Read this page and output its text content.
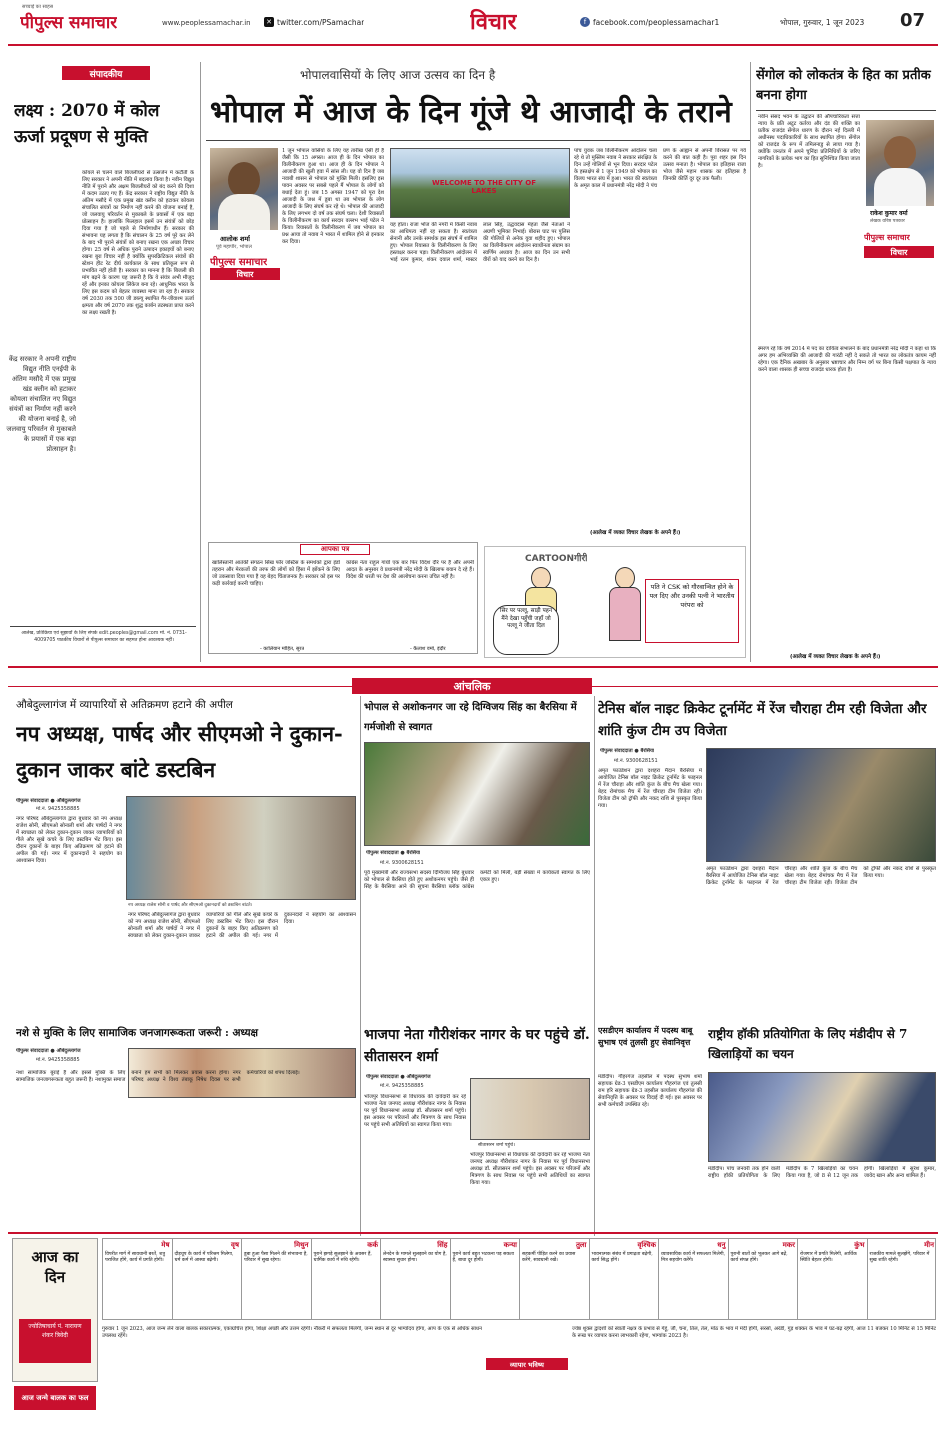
सच्चाई का साहस
पीपुल्स समाचार	www.peoplessamachar.in ✕ twitter.com/PSamachar	विचार	f facebook.com/peoplessamachar1	भोपाल, गुरुवार, 1 जून 2023 07
संपादकीय
लक्ष्य : 2070 में कोल ऊर्जा प्रदूषण से मुक्ति
कोयले से चलने वाले बिजलीघरों से उत्सर्जन में कटौती के लिए सरकार ने अपनी नीति में बदलाव किया है। नवीन विद्युत नीति में पुराने और अक्षम बिजलीघरों को बंद करने की दिशा में कदम उठाए गए हैं। केंद्र सरकार ने राष्ट्रीय विद्युत नीति के अंतिम मसौदे में एक प्रमुख खंड क्लीन को हटाकर कोयला संचालित संयंत्रों का निर्माण नहीं करने की योजना बनाई है, जो जलवायु परिवर्तन से मुकाबले के प्रयासों में एक बड़ा प्रोत्साहन है। हालांकि फिलहाल इसमें उन संयंत्रों को छोड़ दिया गया है जो पहले से निर्माणाधीन हैं। सरकार की संभावना यह लगता है कि संचालन के 25 वर्ष पूरे कर लेने के बाद भी पुराने संयंत्रों को बनाए रखना एक अच्छा विचार होगा। 25 वर्ष से अधिक पुराने उत्पादन इकाइयों को बनाए रखना बुरा विचार नहीं है क्योंकि सुपरक्रिटिकल संयंत्रों की स्टेशन हीट रेट दीर्घ कार्यकाल के साथ प्रतिकूल रूप से प्रभावित नहीं होती है। सरकार का मानना है कि बिजली की मांग बढ़ने के कारण यह जरूरी है कि ये संयंत्र अभी मौजूद रहें और इनका कोयला लिंकेज बना रहे। आधुनिक भारत के लिए इस कदम को बेहतर व्यवस्था माना जा रहा है। सरकार वर्ष 2030 तक 500 जी डब्ल्यू स्थापित गैर-जीवाश्म ऊर्जा क्षमता और वर्ष 2070 तक शुद्ध कार्बन तटस्थता प्राप्त करने का लक्ष्य रखती है।
केंद्र सरकार ने अपनी राष्ट्रीय विद्युत नीति एनईपी के अंतिम मसौदे में एक प्रमुख खंड क्लीन को हटाकर कोयला संचालित नए विद्युत संयंत्रों का निर्माण नहीं करने की योजना बनाई है, जो जलवायु परिवर्तन से मुकाबले के प्रयासों में एक बड़ा प्रोत्साहन है।
आलेख, प्रतिक्रिया एवं सुझावों के लिए संपर्क edit.peoples@gmail.com मो. नं. 0731-4009705 पाठकीय विचारों से पीपुल्स समाचार का सहमत होना आवश्यक नहीं।
भोपालवासियों के लिए आज उत्सव का दिन है
भोपाल में आज के दिन गूंजे थे आजादी के तराने
आलोक शर्मा
पूर्व महापौर, भोपाल
पीपुल्स समाचार
विचार
1 जून भोपाल वासियों के लिए यह तारीख ऐसी ही है जैसी कि 15 अगस्त। आज ही के दिन भोपाल का विलीनीकरण हुआ था। आज ही के दिन भोपाल ने आजादी की खुली हवा में सांस ली। यह वो दिन है जब नवाबी शासन से भोपाल को मुक्ति मिली। इसलिए इस पावन अवसर पर सबसे पहले मैं भोपाल के लोगों को बधाई देता हूं। जब 15 अगस्त 1947 को पूरा देश आजादी के जश्न में डूबा था तब भोपाल के लोग आजादी के लिए संघर्ष कर रहे थे। भोपाल की आजादी के लिए लगभग दो वर्ष तक संघर्ष चला। देशी रियासतों के विलीनीकरण का कार्य सरदार वल्लभ भाई पटेल ने किया। रियासतों के विलीनीकरण में जब भोपाल का प्रश्न आया तो नवाब ने भारत में शामिल होने से इनकार कर दिया।
WELCOME TO THE CITY OF LAKES
यह होता। राजा भोज की नगरी में किसी नवाब का आधिपत्य नहीं रह सकता है। स्वतंत्रता सेनानी और उनके समर्थक इस संघर्ष में शामिल हुए। भोपाल रियासत के विलीनीकरण के लिए हस्ताक्षर करना पड़ा। विलीनीकरण आंदोलन में भाई रतन कुमार, शंकर दयाल शर्मा, मास्टर लाल सिंह, उद्धवदास मेहता जैसे नेताओं ने अग्रणी भूमिका निभाई। बोरास घाट पर पुलिस की गोलियों से अनेक युवा शहीद हुए। भोपाल का विलीनीकरण आंदोलन स्वाधीनता संग्राम का स्वर्णिम अध्याय है। आज का दिन उन सभी वीरों को याद करने का दिन है।
पांच युवक जब विलीनीकरण आंदोलन चला रहे थे तो मुस्लिम नवाब ने सरकार संरक्षित के दिन उन्हें गोलियों से भून दिया। सरदार पटेल के हस्तक्षेप से 1 जून 1949 को भोपाल का विलय भारत संघ में हुआ। भारत की स्वतंत्रता के अमृत काल में प्रधानमंत्री नरेंद्र मोदी ने पंच प्रण के आह्वान से अपनी विरासत पर गर्व करने की बात कही है। पूरा शहर इस दिन उत्सव मनाता है। भोपाल का इतिहास राजा भोज जैसे महान शासक का इतिहास है जिनकी कीर्ति दूर दूर तक फैली।
(आलेख में व्यक्त विचार लेखक के अपने हैं।)
आपका पत्र
खालिस्तानी आतंकी संगठन सिख फॉर जस्टिस के समर्थकों द्वारा इंडो तहरान और मेरकजों की तरफ की लोगों को हिंसा में झोंकने के लिए जो उकसावा दिया गया है वह बेहद चिंताजनक है। सरकार को इस पर कड़ी कार्रवाई करनी चाहिए।
- कालियान मोहित, सूरत
कांग्रेस नेता राहुल गांधी एक बार फिर विदेश दौरे पर हैं और अपनी आदत के अनुसार वे प्रधानमंत्री नरेंद्र मोदी के खिलाफ बयान दे रहे हैं। विदेश की धरती पर देश की आलोचना करना उचित नहीं है।
- कैलाश वर्मा, इंदौर
CARTOONगीरी
सिर पर पल्लू, साड़ी पहन मैंने देखा पहुँची जहाँ जो पल्लू ने जीता दिल
पति ने CSK को गौरवान्वित होने के पल दिए और उनकी पत्नी ने भारतीय परंपरा को
सेंगोल को लोकतंत्र के हित का प्रतीक बनना होगा
नवीन संसद भवन के उद्घाटन की औपचारिकता सत्ता न्याय के प्रति अटूट कर्तव्य और दंड की शक्ति का प्रतीक राजदंड सेंगोल धारण के दौरान नई दिल्ली में अधीनस्थ पदाधिकारियों के साथ स्थापित होगा। सेंगोल को राजदंड के रूप में तमिलनाडु से लाया गया है। क्योंकि जनतंत्र में अपने चुनिंदा प्रतिनिधियों के जरिए नागरिकों के प्रत्येक भाग का हित सुनिश्चित किया जाता है।
राकेश कुमार वर्मा
लेखक वरिष्ठ पत्रकार
पीपुल्स समाचार
विचार
स्मरण रहे कि वर्ष 2014 में पद का दायित्व संभालने के बाद प्रधानमंत्री नरेंद्र मोदी ने कहा था कि अगर हम अभिव्यक्ति की आजादी की गारंटी नहीं दे सकते तो भारत का लोकतंत्र कायम नहीं रहेगा। एक दैनिक अखबार के अनुसार भ्रष्टाचार और निम्न वर्ग पर बिना किसी पक्षपात के न्याय करने वाला शासक ही सच्चा राजदंड धारक होता है।
(आलेख में व्यक्त विचार लेखक के अपने हैं।)
आंचलिक
औबेदुल्लागंज में व्यापारियों से अतिक्रमण हटाने की अपील
नप अध्यक्ष, पार्षद और सीएमओ ने दुकान-दुकान जाकर बांटे डस्टबिन
पीपुल्स संवाददाता ● औबेदुल्लागंज
मो.नं. 9425358885
नप अध्यक्ष राजेश सोनी व पार्षद और सीएमओ दुकानदारों को डस्टबिन बांटते।
नगर परिषद औबेदुल्लागंज द्वारा बुधवार को नप अध्यक्ष राजेश सोनी, सीएमओ सोनाली शर्मा और पार्षदों ने नगर में स्वच्छता को लेकर दुकान-दुकान जाकर व्यापारियों को गीले और सूखे कचरे के लिए डस्टबिन भेंट किए। इस दौरान दुकानों के बाहर किए अतिक्रमण को हटाने की अपील की गई। नगर में दुकानदारों ने सहयोग का आश्वासन दिया।
नगर परिषद औबेदुल्लागंज द्वारा बुधवार को नप अध्यक्ष राजेश सोनी, सीएमओ सोनाली शर्मा और पार्षदों ने नगर में स्वच्छता को लेकर दुकान-दुकान जाकर व्यापारियों को गीले और सूखे कचरे के लिए डस्टबिन भेंट किए। इस दौरान दुकानों के बाहर किए अतिक्रमण को हटाने की अपील की गई। नगर में दुकानदारों ने सहयोग का आश्वासन दिया।
नशे से मुक्ति के लिए सामाजिक जनजागरूकता जरूरी : अध्यक्ष
पीपुल्स संवाददाता ● औबेदुल्लागंज
मो.नं. 9425358885
नशा सामाजिक बुराई है और इससे मुक्ति के लिए सामाजिक जनजागरूकता बहुत जरूरी है। नशामुक्त समाज बनाने हम सभी को मिलकर प्रयास करना होगा। नगर परिषद अध्यक्ष ने विश्व तंबाकू निषेध दिवस पर सभी कर्मचारियों को शपथ दिलाई।
भोपाल से अशोकनगर जा रहे दिग्विजय सिंह का बैरसिया में गर्मजोशी से स्वागत
पीपुल्स संवाददाता ● बैरसिया
मो.नं. 9300628151
पूर्व मुख्यमंत्री और राज्यसभा सदस्य दिग्विजय सिंह बुधवार को भोपाल से बैरसिया होते हुए अशोकनगर पहुंचे। जैसे ही सिंह के बैरसिया आने की सूचना बैरसिया ब्लॉक कांग्रेस कमेटी को मिली, बड़ी संख्या में कार्यकर्ता स्वागत के लिए एकत्र हुए।
भाजपा नेता गौरीशंकर नागर के घर पहुंचे डॉ. सीतासरन शर्मा
पीपुल्स संवाददाता ● औबेदुल्लागंज
मो.नं. 9425358885
सीतासरन शर्मा पहुंचे।
भोजपुर विधानसभा से विधायक की दावेदारी कर रहे भाजपा नेता जनपद अध्यक्ष गौरीशंकर नागर के निवास पर पूर्व विधानसभा अध्यक्ष डॉ. सीतासरन शर्मा पहुंचे। इस अवसर पर परिजनों और मित्रगण के साथ निवास पर पहुंचे सभी अतिथियों का स्वागत किया गया।
भोजपुर विधानसभा से विधायक की दावेदारी कर रहे भाजपा नेता जनपद अध्यक्ष गौरीशंकर नागर के निवास पर पूर्व विधानसभा अध्यक्ष डॉ. सीतासरन शर्मा पहुंचे। इस अवसर पर परिजनों और मित्रगण के साथ निवास पर पहुंचे सभी अतिथियों का स्वागत किया गया।
टेनिस बॉल नाइट क्रिकेट टूर्नामेंट में रेंज चौराहा टीम रही विजेता और शांति कुंज टीम उप विजेता
पीपुल्स संवाददाता ● बैरसिया
मो.नं. 9300628151
अमृत फाउंडेशन द्वारा दशहरा मैदान बैरसिया में आयोजित टेनिस बॉल नाइट क्रिकेट टूर्नामेंट के फाइनल में रेंज चौराहा और शांति कुंज के बीच मैच खेला गया। बेहद रोमांचक मैच में रेंज चौराहा टीम विजेता रही। विजेता टीम को ट्रॉफी और नकद राशि से पुरस्कृत किया गया।
अमृत फाउंडेशन द्वारा दशहरा मैदान बैरसिया में आयोजित टेनिस बॉल नाइट क्रिकेट टूर्नामेंट के फाइनल में रेंज चौराहा और शांति कुंज के बीच मैच खेला गया। बेहद रोमांचक मैच में रेंज चौराहा टीम विजेता रही। विजेता टीम को ट्रॉफी और नकद राशि से पुरस्कृत किया गया।
एसडीएम कार्यालय में पदस्थ बाबू सुभाष एवं तुलसी हुए सेवानिवृत्त
मंडीदीप। गौहरगंज तहसील में पदस्थ सुभाष शर्मा सहायक ग्रेड-3 एसडीएम कार्यालय गौहरगंज एवं तुलसी राम हरि सहायक ग्रेड-3 तहसील कार्यालय गौहरगंज की सेवानिवृत्ति के अवसर पर विदाई दी गई। इस अवसर पर सभी कर्मचारी उपस्थित रहे।
राष्ट्रीय हॉकी प्रतियोगिता के लिए मंडीदीप से 7 खिलाड़ियों का चयन
मंडीदीप। पांच जनवरी तक होने वाली राष्ट्रीय हॉकी प्रतियोगिता के लिए मंडीदीप के 7 खिलाड़ियों का चयन किया गया है, जो 8 से 12 जून तक होगी। खिलाड़ियों में सुरेश कुमार, जावेद खान और अन्य शामिल हैं।
आज का दिन
ज्योतिषाचार्य पं. नारायण शंकर त्रिवेदी
मेष
विपरीत मार्ग में सावधानी बरतें, शत्रु पराजित होंगे, कार्य में प्रगति होगी।
वृष
दौड़धूप के कार्य में परिश्रम मिलेगा, धर्म कर्म में आस्था बढ़ेगी।
मिथुन
डूबा हुआ पैसा मिलने की संभावना है, परिवार में सुख रहेगा।
कर्क
पुराने झगड़े सुलझाने के अवसर हैं, धार्मिक कार्य में रुचि रहेगी।
सिंह
लेनदेन के मामले सुलझाने का योग है, स्वास्थ्य सुधार होगा।
कन्या
पुराने कार्य बहुत भटकना पड़ सकता है, बाधा दूर होगी।
तुला
सहकर्मी पीड़ित करने का प्रयास करेंगे, सावधानी रखें।
वृश्चिक
भावनात्मक संबंध में प्रगाढ़ता बढ़ेगी, कार्य सिद्ध होंगे।
धनु
व्यावसायिक कार्य में सफलता मिलेगी, मित्र सहयोग करेंगे।
मकर
पुरानी बातों को भूलकर आगे बढ़ें, कार्य संपन्न होंगे।
कुंभ
रोजगार में प्रगति मिलेगी, आर्थिक स्थिति बेहतर होगी।
मीन
राजकीय मामले सुलझेंगे, परिवार में सुख शांति रहेगी।
आज जन्मे बालक का फल
गुरुवार 1 जून 2023, आज जन्म लेने वाला बालक सकारात्मक, एकाग्रचित्त होगा, शिक्षा अच्छी और उत्तम रहेगी। नौकरी में सफलता मिलेगी, जन्म स्थान से दूर भाग्योदय होगा, आप के एक से अधिक साधन उपलब्ध रहेंगे।
व्यापार भविष्य
ज्येष्ठ शुक्ल द्वादशी को स्वाती नक्षत्र के प्रभाव से गेहूं, जौ, चना, तिल, तेल, मोठ के भाव में मंदी होगी, सरसों, अरंडी, गुड़ शक्कर के भाव में घट-बढ़ रहेगी, आज 11 बजकर 10 मिनिट से 15 मिनिट के रूख पर व्यापार करना लाभकारी रहेगा, भाग्यांक 2023 है।
